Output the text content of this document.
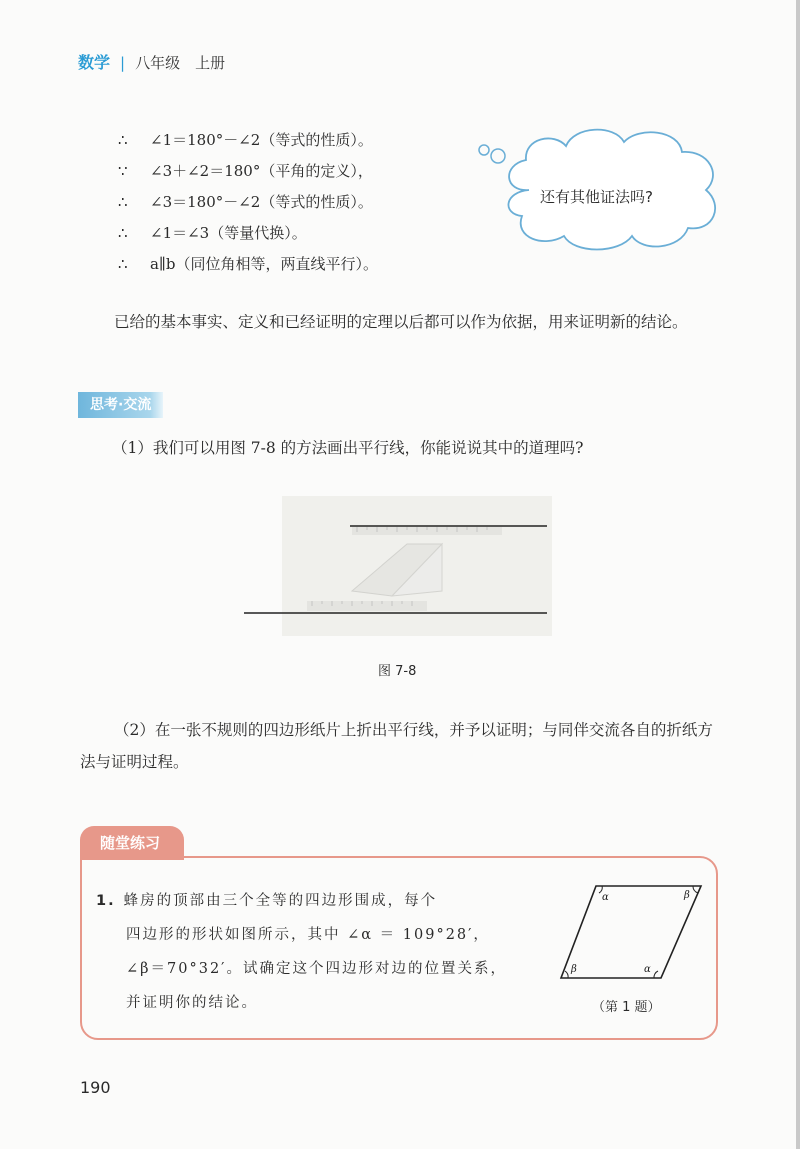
数学 | 八年级　上册
∴	∠1＝180°－∠2（等式的性质）。
∵	∠3＋∠2＝180°（平角的定义），
∴	∠3＝180°－∠2（等式的性质）。
∴	∠1＝∠3（等量代换）。
∴	a∥b（同位角相等，两直线平行）。
还有其他证法吗?
已给的基本事实、定义和已经证明的定理以后都可以作为依据，用来证明新的结论。
思考·交流
（1）我们可以用图 7-8 的方法画出平行线，你能说说其中的道理吗?
图 7-8
（2）在一张不规则的四边形纸片上折出平行线，并予以证明；与同伴交流各自的折纸方法与证明过程。
随堂练习
1. 蜂房的顶部由三个全等的四边形围成，每个
四边形的形状如图所示，其中 ∠α ＝ 109°28′，
∠β＝70°32′。试确定这个四边形对边的位置关系，
并证明你的结论。
α	β
β	α
（第 1 题）
190
